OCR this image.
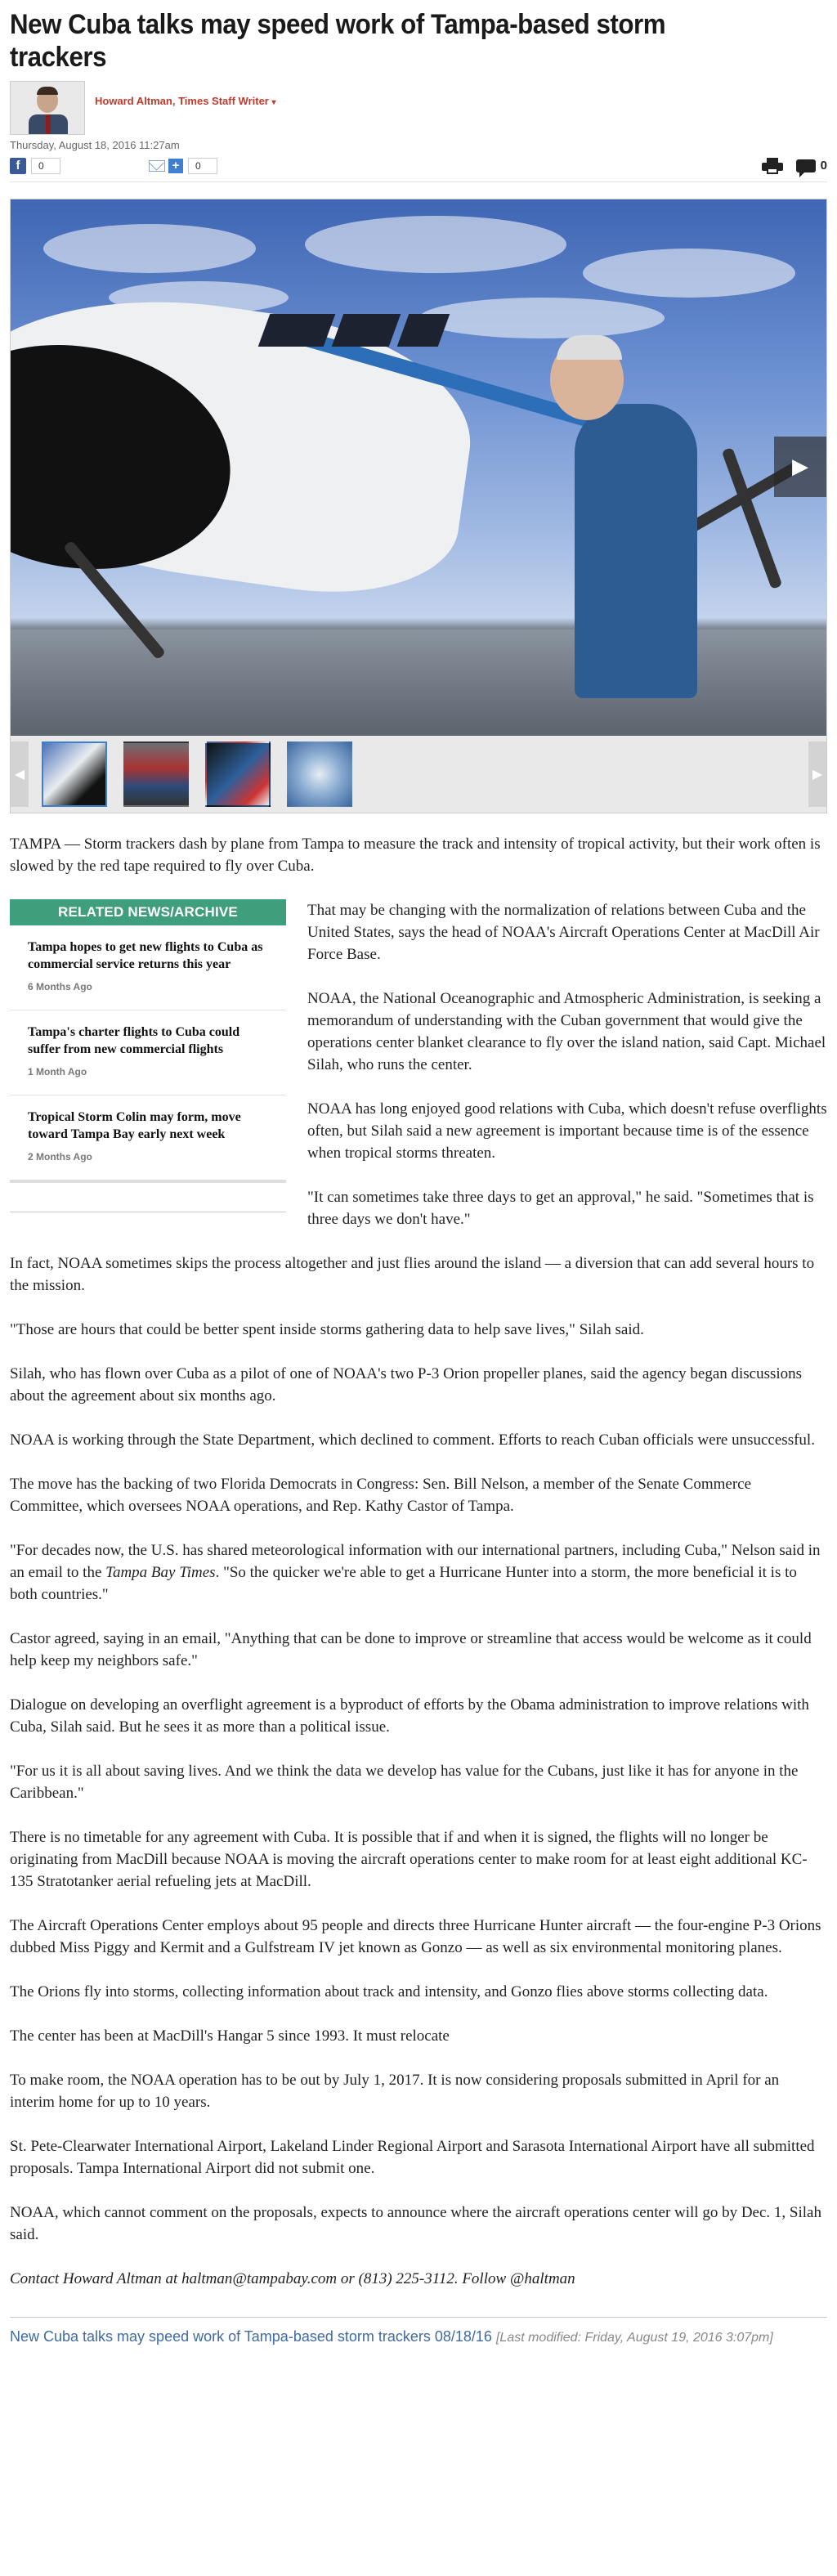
New Cuba talks may speed work of Tampa-based storm trackers
Howard Altman, Times Staff Writer ▾
Thursday, August 18, 2016 11:27am
f	0	+	0	0
▶
◀	▶

TAMPA — Storm trackers dash by plane from Tampa to measure the track and intensity of tropical activity, but their work often is slowed by the red tape required to fly over Cuba.

RELATED NEWS/ARCHIVE
Tampa hopes to get new flights to Cuba as commercial service returns this year
6 Months Ago
Tampa's charter flights to Cuba could suffer from new commercial flights
1 Month Ago
Tropical Storm Colin may form, move toward Tampa Bay early next week
2 Months Ago

That may be changing with the normalization of relations between Cuba and the United States, says the head of NOAA's Aircraft Operations Center at MacDill Air Force Base.

NOAA, the National Oceanographic and Atmospheric Administration, is seeking a memorandum of understanding with the Cuban government that would give the operations center blanket clearance to fly over the island nation, said Capt. Michael Silah, who runs the center.

NOAA has long enjoyed good relations with Cuba, which doesn't refuse overflights often, but Silah said a new agreement is important because time is of the essence when tropical storms threaten.

"It can sometimes take three days to get an approval," he said. "Sometimes that is three days we don't have."

In fact, NOAA sometimes skips the process altogether and just flies around the island — a diversion that can add several hours to the mission.

"Those are hours that could be better spent inside storms gathering data to help save lives," Silah said.

Silah, who has flown over Cuba as a pilot of one of NOAA's two P-3 Orion propeller planes, said the agency began discussions about the agreement about six months ago.

NOAA is working through the State Department, which declined to comment. Efforts to reach Cuban officials were unsuccessful.

The move has the backing of two Florida Democrats in Congress: Sen. Bill Nelson, a member of the Senate Commerce Committee, which oversees NOAA operations, and Rep. Kathy Castor of Tampa.

"For decades now, the U.S. has shared meteorological information with our international partners, including Cuba," Nelson said in an email to the Tampa Bay Times. "So the quicker we're able to get a Hurricane Hunter into a storm, the more beneficial it is to both countries."

Castor agreed, saying in an email, "Anything that can be done to improve or streamline that access would be welcome as it could help keep my neighbors safe."

Dialogue on developing an overflight agreement is a byproduct of efforts by the Obama administration to improve relations with Cuba, Silah said. But he sees it as more than a political issue.

"For us it is all about saving lives. And we think the data we develop has value for the Cubans, just like it has for anyone in the Caribbean."

There is no timetable for any agreement with Cuba. It is possible that if and when it is signed, the flights will no longer be originating from MacDill because NOAA is moving the aircraft operations center to make room for at least eight additional KC-135 Stratotanker aerial refueling jets at MacDill.

The Aircraft Operations Center employs about 95 people and directs three Hurricane Hunter aircraft — the four-engine P-3 Orions dubbed Miss Piggy and Kermit and a Gulfstream IV jet known as Gonzo — as well as six environmental monitoring planes.

The Orions fly into storms, collecting information about track and intensity, and Gonzo flies above storms collecting data.

The center has been at MacDill's Hangar 5 since 1993. It must relocate

To make room, the NOAA operation has to be out by July 1, 2017. It is now considering proposals submitted in April for an interim home for up to 10 years.

St. Pete-Clearwater International Airport, Lakeland Linder Regional Airport and Sarasota International Airport have all submitted proposals. Tampa International Airport did not submit one.

NOAA, which cannot comment on the proposals, expects to announce where the aircraft operations center will go by Dec. 1, Silah said.

Contact Howard Altman at haltman@tampabay.com or (813) 225-3112. Follow @haltman

New Cuba talks may speed work of Tampa-based storm trackers 08/18/16 [Last modified: Friday, August 19, 2016 3:07pm]
